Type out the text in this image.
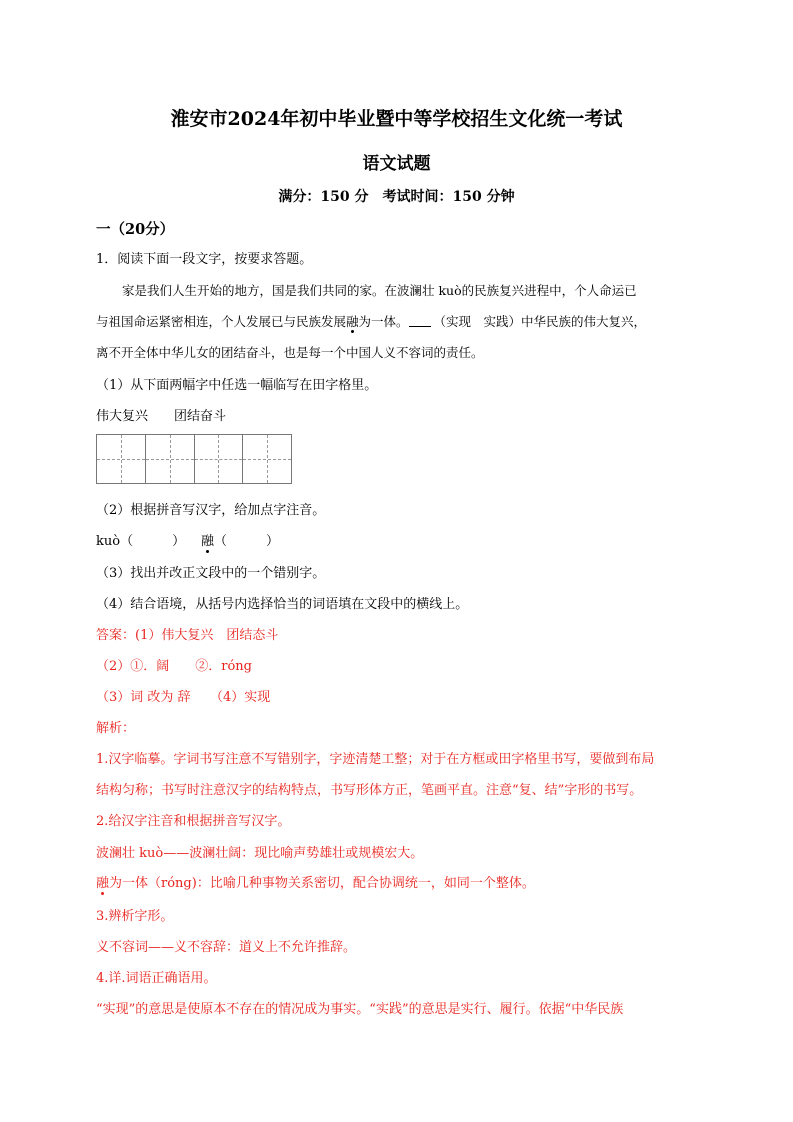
淮安市2024年初中毕业暨中等学校招生文化统一考试
语文试题
满分：150 分　考试时间：150 分钟
一（20分）
1．阅读下面一段文字，按要求答题。
家是我们人生开始的地方，国是我们共同的家。在波澜壮 kuò的民族复兴进程中，个人命运已
与祖国命运紧密相连，个人发展已与民族发展融为一体。 （实现　实践）中华民族的伟大复兴，
离不开全体中华儿女的团结奋斗，也是每一个中国人义不容词的责任。
（1）从下面两幅字中任选一幅临写在田字格里。
伟大复兴　　团结奋斗
（2）根据拼音写汉字，给加点字注音。
kuò（　　　） 融（　　　）
（3）找出并改正文段中的一个错别字。
（4）结合语境，从括号内选择恰当的词语填在文段中的横线上。
答案：(1）伟大复兴　团结态斗
（2）①．阔　　②．róng
（3）词 改为 辞　　（4）实现
解析：
1.汉字临摹。字词书写注意不写错别字，字迹清楚工整；对于在方框或田字格里书写，要做到布局
结构匀称；书写时注意汉字的结构特点，书写形体方正，笔画平直。注意“复、结”字形的书写。
2.给汉字注音和根据拼音写汉字。
波澜壮 kuò——波澜壮阔：现比喻声势雄壮或规模宏大。
融为一体（róng)：比喻几种事物关系密切，配合协调统一，如同一个整体。
3.辨析字形。
义不容词——义不容辞：道义上不允许推辞。
4.详.词语正确语用。
“实现”的意思是使原本不存在的情况成为事实。“实践”的意思是实行、履行。依据“中华民族
